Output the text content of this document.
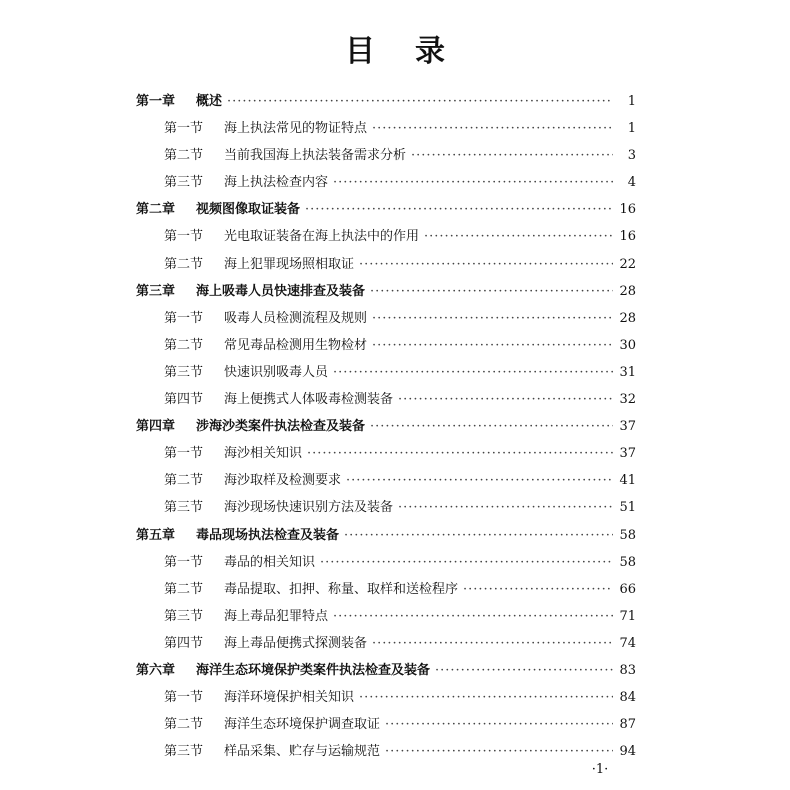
目 录
第一章	概述 ·····	1
第一节	海上执法常见的物证特点 ·····	1
第二节	当前我国海上执法装备需求分析 ·····	3
第三节	海上执法检查内容 ·····	4
第二章	视频图像取证装备 ·····	16
第一节	光电取证装备在海上执法中的作用 ·····	16
第二节	海上犯罪现场照相取证 ·····	22
第三章	海上吸毒人员快速排查及装备 ·····	28
第一节	吸毒人员检测流程及规则 ·····	28
第二节	常见毒品检测用生物检材 ·····	30
第三节	快速识别吸毒人员 ·····	31
第四节	海上便携式人体吸毒检测装备 ·····	32
第四章	涉海沙类案件执法检查及装备 ·····	37
第一节	海沙相关知识 ·····	37
第二节	海沙取样及检测要求 ·····	41
第三节	海沙现场快速识别方法及装备 ·····	51
第五章	毒品现场执法检查及装备 ·····	58
第一节	毒品的相关知识 ·····	58
第二节	毒品提取、扣押、称量、取样和送检程序 ·····	66
第三节	海上毒品犯罪特点 ·····	71
第四节	海上毒品便携式探测装备 ·····	74
第六章	海洋生态环境保护类案件执法检查及装备 ·····	83
第一节	海洋环境保护相关知识 ·····	84
第二节	海洋生态环境保护调查取证 ·····	87
第三节	样品采集、贮存与运输规范 ·····	94
·1·
